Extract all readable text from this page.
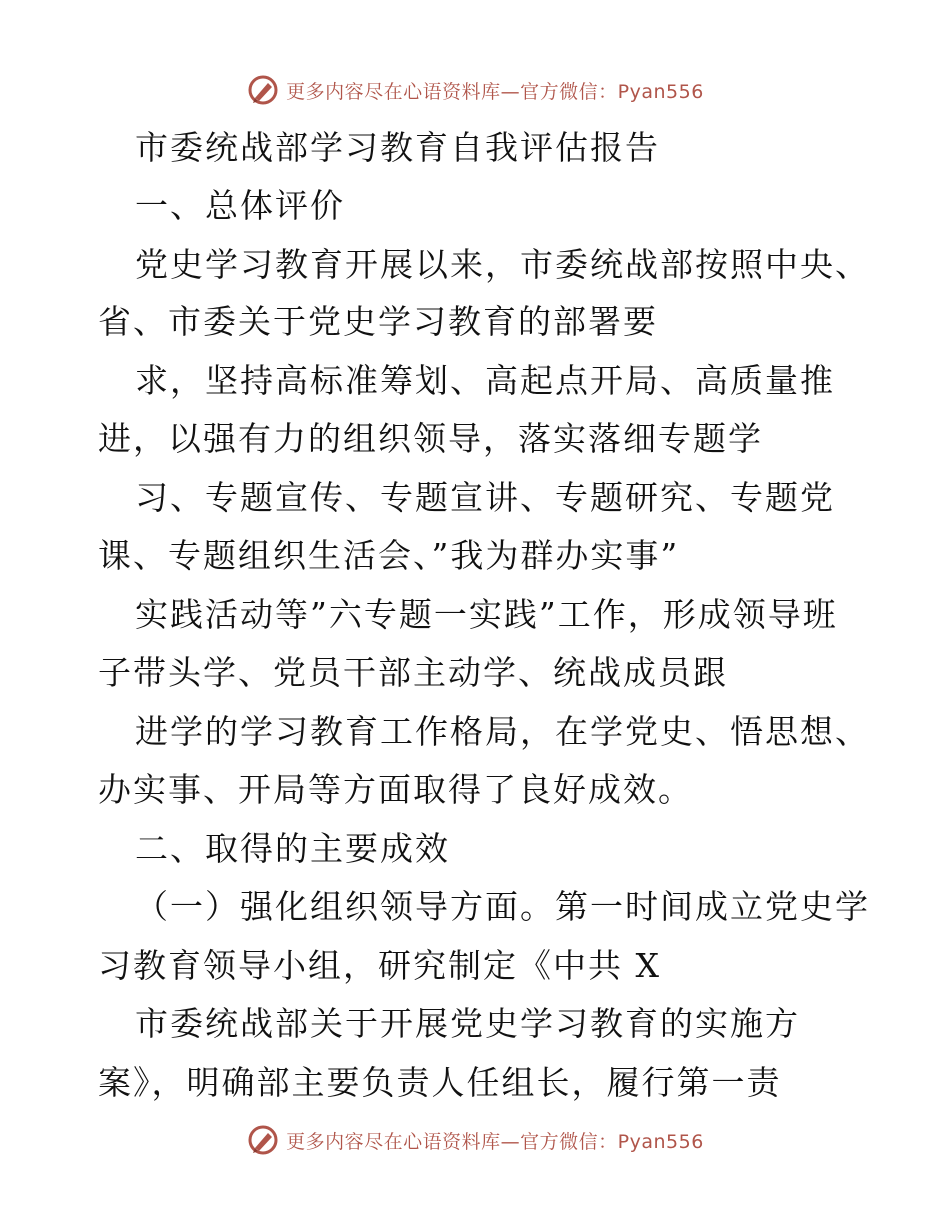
更多内容尽在心语资料库—官方微信：Pyan556
市委统战部学习教育自我评估报告
一、总体评价
党史学习教育开展以来，市委统战部按照中央、
省、市委关于党史学习教育的部署要
求，坚持高标准筹划、高起点开局、高质量推
进，以强有力的组织领导，落实落细专题学
习、专题宣传、专题宣讲、专题研究、专题党
课、专题组织生活会、”我为群办实事”
实践活动等”六专题一实践”工作，形成领导班
子带头学、党员干部主动学、统战成员跟
进学的学习教育工作格局，在学党史、悟思想、
办实事、开局等方面取得了良好成效。
二、取得的主要成效
（一）强化组织领导方面。第一时间成立党史学
习教育领导小组，研究制定《中共 X
市委统战部关于开展党史学习教育的实施方
案》，明确部主要负责人任组长，履行第一责
更多内容尽在心语资料库—官方微信：Pyan556
